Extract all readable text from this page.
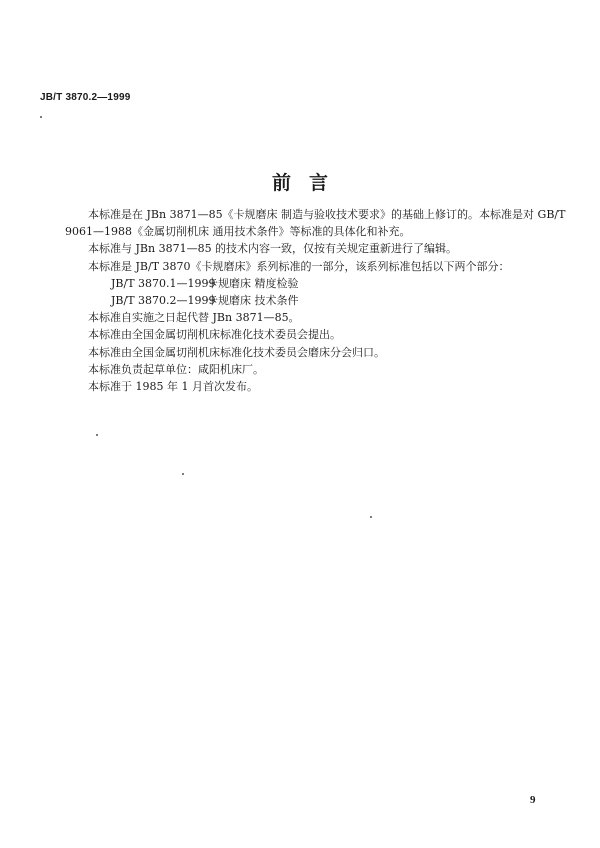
JB/T 3870.2—1999
前言

本标准是在 JBn 3871—85《卡规磨床 制造与验收技术要求》的基础上修订的。本标准是对 GB/T

9061—1988《金属切削机床 通用技术条件》等标准的具体化和补充。

本标准与 JBn 3871—85 的技术内容一致，仅按有关规定重新进行了编辑。

本标准是 JB/T 3870《卡规磨床》系列标准的一部分，该系列标准包括以下两个部分：

JB/T 3870.1—1999卡规磨床 精度检验

JB/T 3870.2—1999卡规磨床 技术条件

本标准自实施之日起代替 JBn 3871—85。

本标准由全国金属切削机床标准化技术委员会提出。

本标准由全国金属切削机床标准化技术委员会磨床分会归口。

本标准负责起草单位：咸阳机床厂。

本标准于 1985 年 1 月首次发布。

9
